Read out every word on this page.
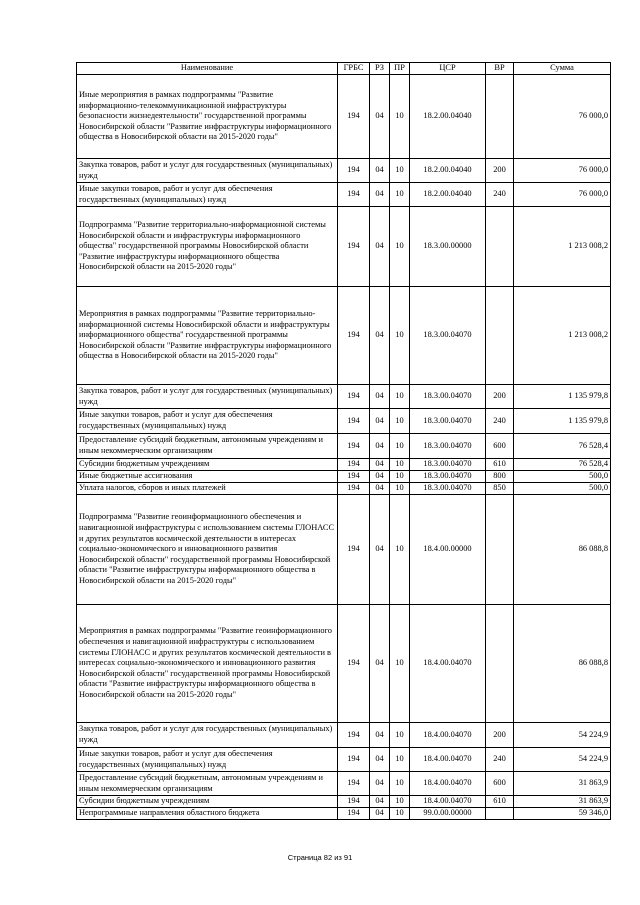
Наименование	ГРБС	РЗ	ПР	ЦСР	ВР	Сумма
Иные мероприятия в рамках подпрограммы "Развитие информационно-телекоммуникационной инфраструктуры безопасности жизнедеятельности" государственной программы Новосибирской области "Развитие инфраструктуры информационного общества в Новосибирской области на 2015-2020 годы"	194	04	10	18.2.00.04040		76 000,0
Закупка товаров, работ и услуг для государственных (муниципальных) нужд	194	04	10	18.2.00.04040	200	76 000,0
Иные закупки товаров, работ и услуг для обеспечения государственных (муниципальных) нужд	194	04	10	18.2.00.04040	240	76 000,0
Подпрограмма "Развитие территориально-информационной системы Новосибирской области и инфраструктуры информационного общества" государственной программы Новосибирской области "Развитие инфраструктуры информационного общества Новосибирской области на 2015-2020 годы"	194	04	10	18.3.00.00000		1 213 008,2
Мероприятия в рамках подпрограммы "Развитие территориально-информационной системы Новосибирской области и инфраструктуры информационного общества" государственной программы Новосибирской области "Развитие инфраструктуры информационного общества в Новосибирской области на 2015-2020 годы"	194	04	10	18.3.00.04070		1 213 008,2
Закупка товаров, работ и услуг для государственных (муниципальных) нужд	194	04	10	18.3.00.04070	200	1 135 979,8
Иные закупки товаров, работ и услуг для обеспечения государственных (муниципальных) нужд	194	04	10	18.3.00.04070	240	1 135 979,8
Предоставление субсидий бюджетным, автономным учреждениям и иным некоммерческим организациям	194	04	10	18.3.00.04070	600	76 528,4
Субсидии бюджетным учреждениям	194	04	10	18.3.00.04070	610	76 528,4
Иные бюджетные ассигнования	194	04	10	18.3.00.04070	800	500,0
Уплата налогов, сборов и иных платежей	194	04	10	18.3.00.04070	850	500,0
Подпрограмма "Развитие геоинформационного обеспечения и навигационной инфраструктуры с использованием системы ГЛОНАСС и других результатов космической деятельности в интересах социально-экономического и инновационного развития Новосибирской области" государственной программы Новосибирской области "Развитие инфраструктуры информационного общества в Новосибирской области на 2015-2020 годы"	194	04	10	18.4.00.00000		86 088,8
Мероприятия в рамках подпрограммы "Развитие геоинформационного обеспечения и навигационной инфраструктуры с использованием системы ГЛОНАСС и других результатов космической деятельности в интересах социально-экономического и инновационного развития Новосибирской области" государственной программы Новосибирской области "Развитие инфраструктуры информационного общества в Новосибирской области на 2015-2020 годы"	194	04	10	18.4.00.04070		86 088,8
Закупка товаров, работ и услуг для государственных (муниципальных) нужд	194	04	10	18.4.00.04070	200	54 224,9
Иные закупки товаров, работ и услуг для обеспечения государственных (муниципальных) нужд	194	04	10	18.4.00.04070	240	54 224,9
Предоставление субсидий бюджетным, автономным учреждениям и иным некоммерческим организациям	194	04	10	18.4.00.04070	600	31 863,9
Субсидии бюджетным учреждениям	194	04	10	18.4.00.04070	610	31 863,9
Непрограммные направления областного бюджета	194	04	10	99.0.00.00000		59 346,0
Страница 82 из 91
